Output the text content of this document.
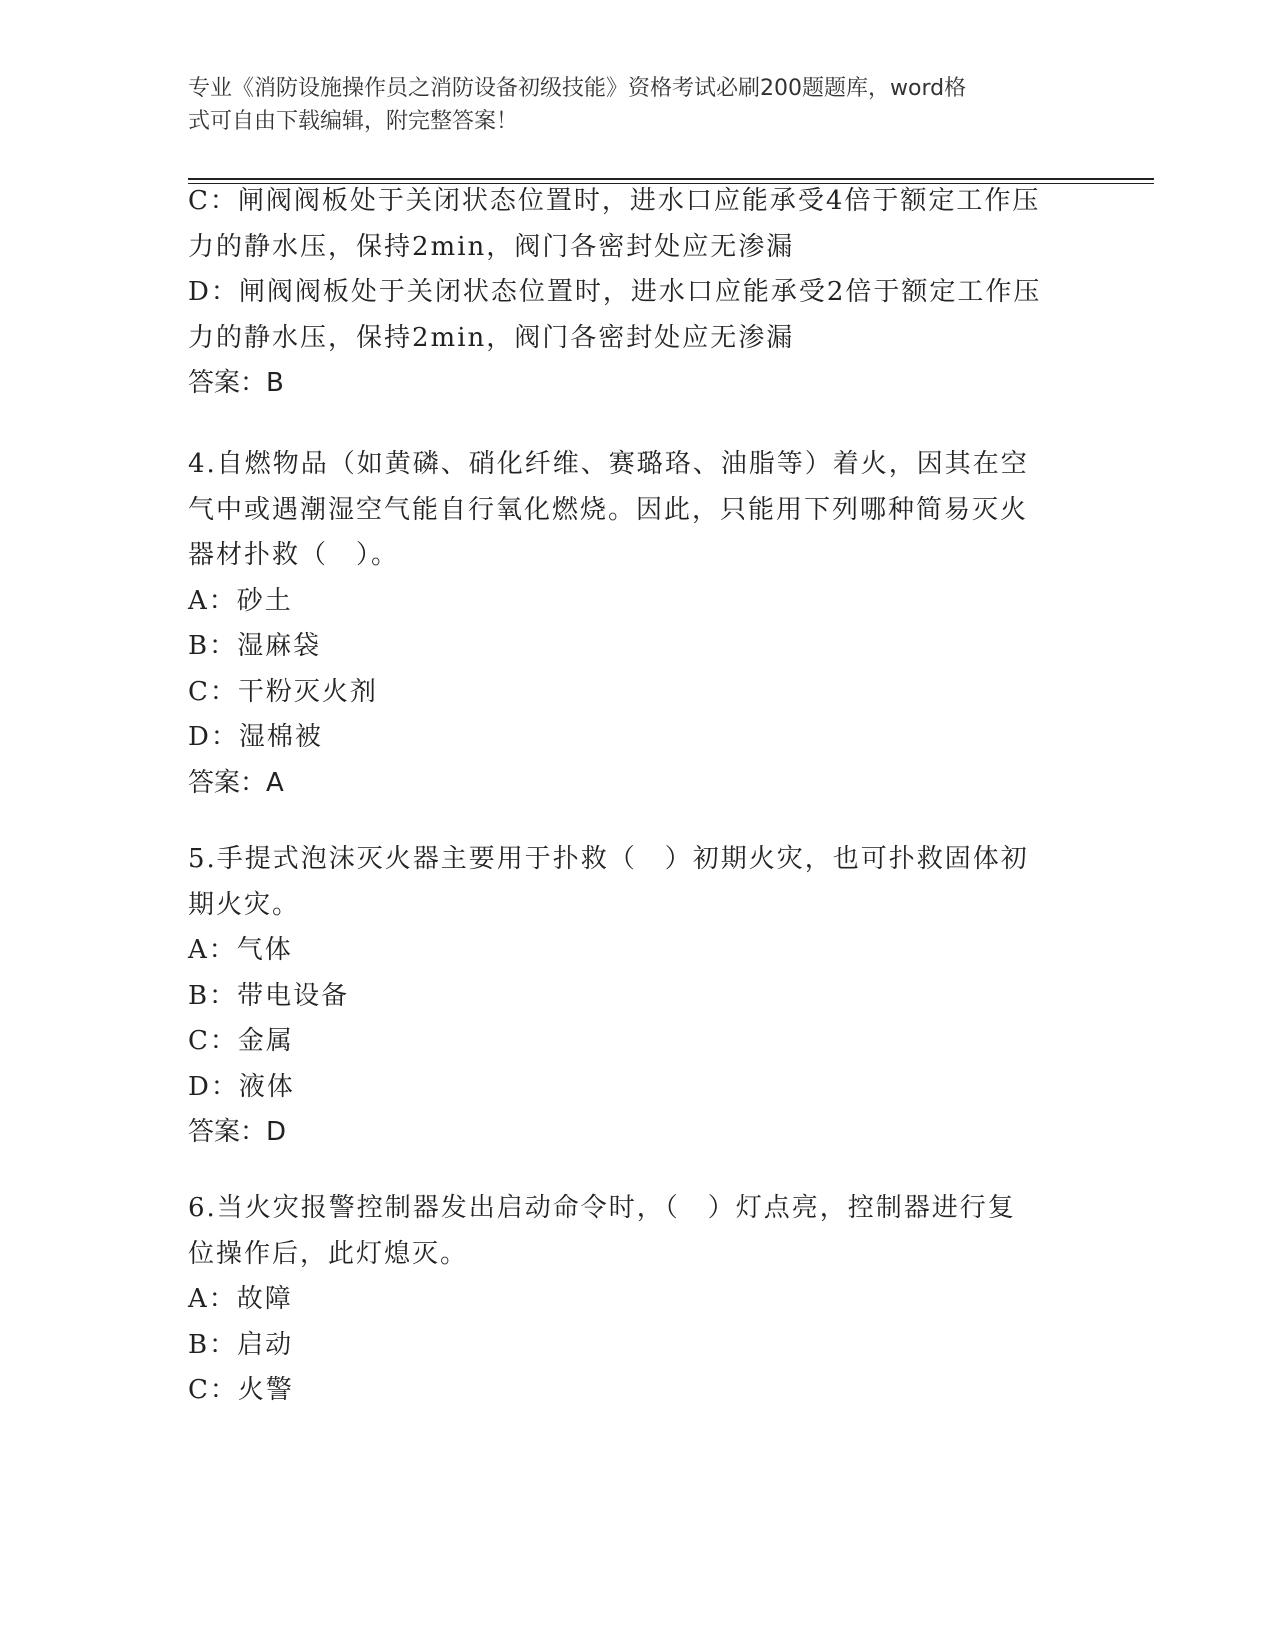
专业《消防设施操作员之消防设备初级技能》资格考试必刷200题题库，word格
式可自由下载编辑，附完整答案！
C：闸阀阀板处于关闭状态位置时，进水口应能承受4倍于额定工作压
力的静水压，保持2min，阀门各密封处应无渗漏
D：闸阀阀板处于关闭状态位置时，进水口应能承受2倍于额定工作压
力的静水压，保持2min，阀门各密封处应无渗漏
答案：B
4.自燃物品（如黄磷、硝化纤维、赛璐珞、油脂等）着火，因其在空
气中或遇潮湿空气能自行氧化燃烧。因此，只能用下列哪种简易灭火
器材扑救（　）。
A：砂土
B：湿麻袋
C：干粉灭火剂
D：湿棉被
答案：A
5.手提式泡沫灭火器主要用于扑救（　）初期火灾，也可扑救固体初
期火灾。
A：气体
B：带电设备
C：金属
D：液体
答案：D
6.当火灾报警控制器发出启动命令时，（　）灯点亮，控制器进行复
位操作后，此灯熄灭。
A：故障
B：启动
C：火警
